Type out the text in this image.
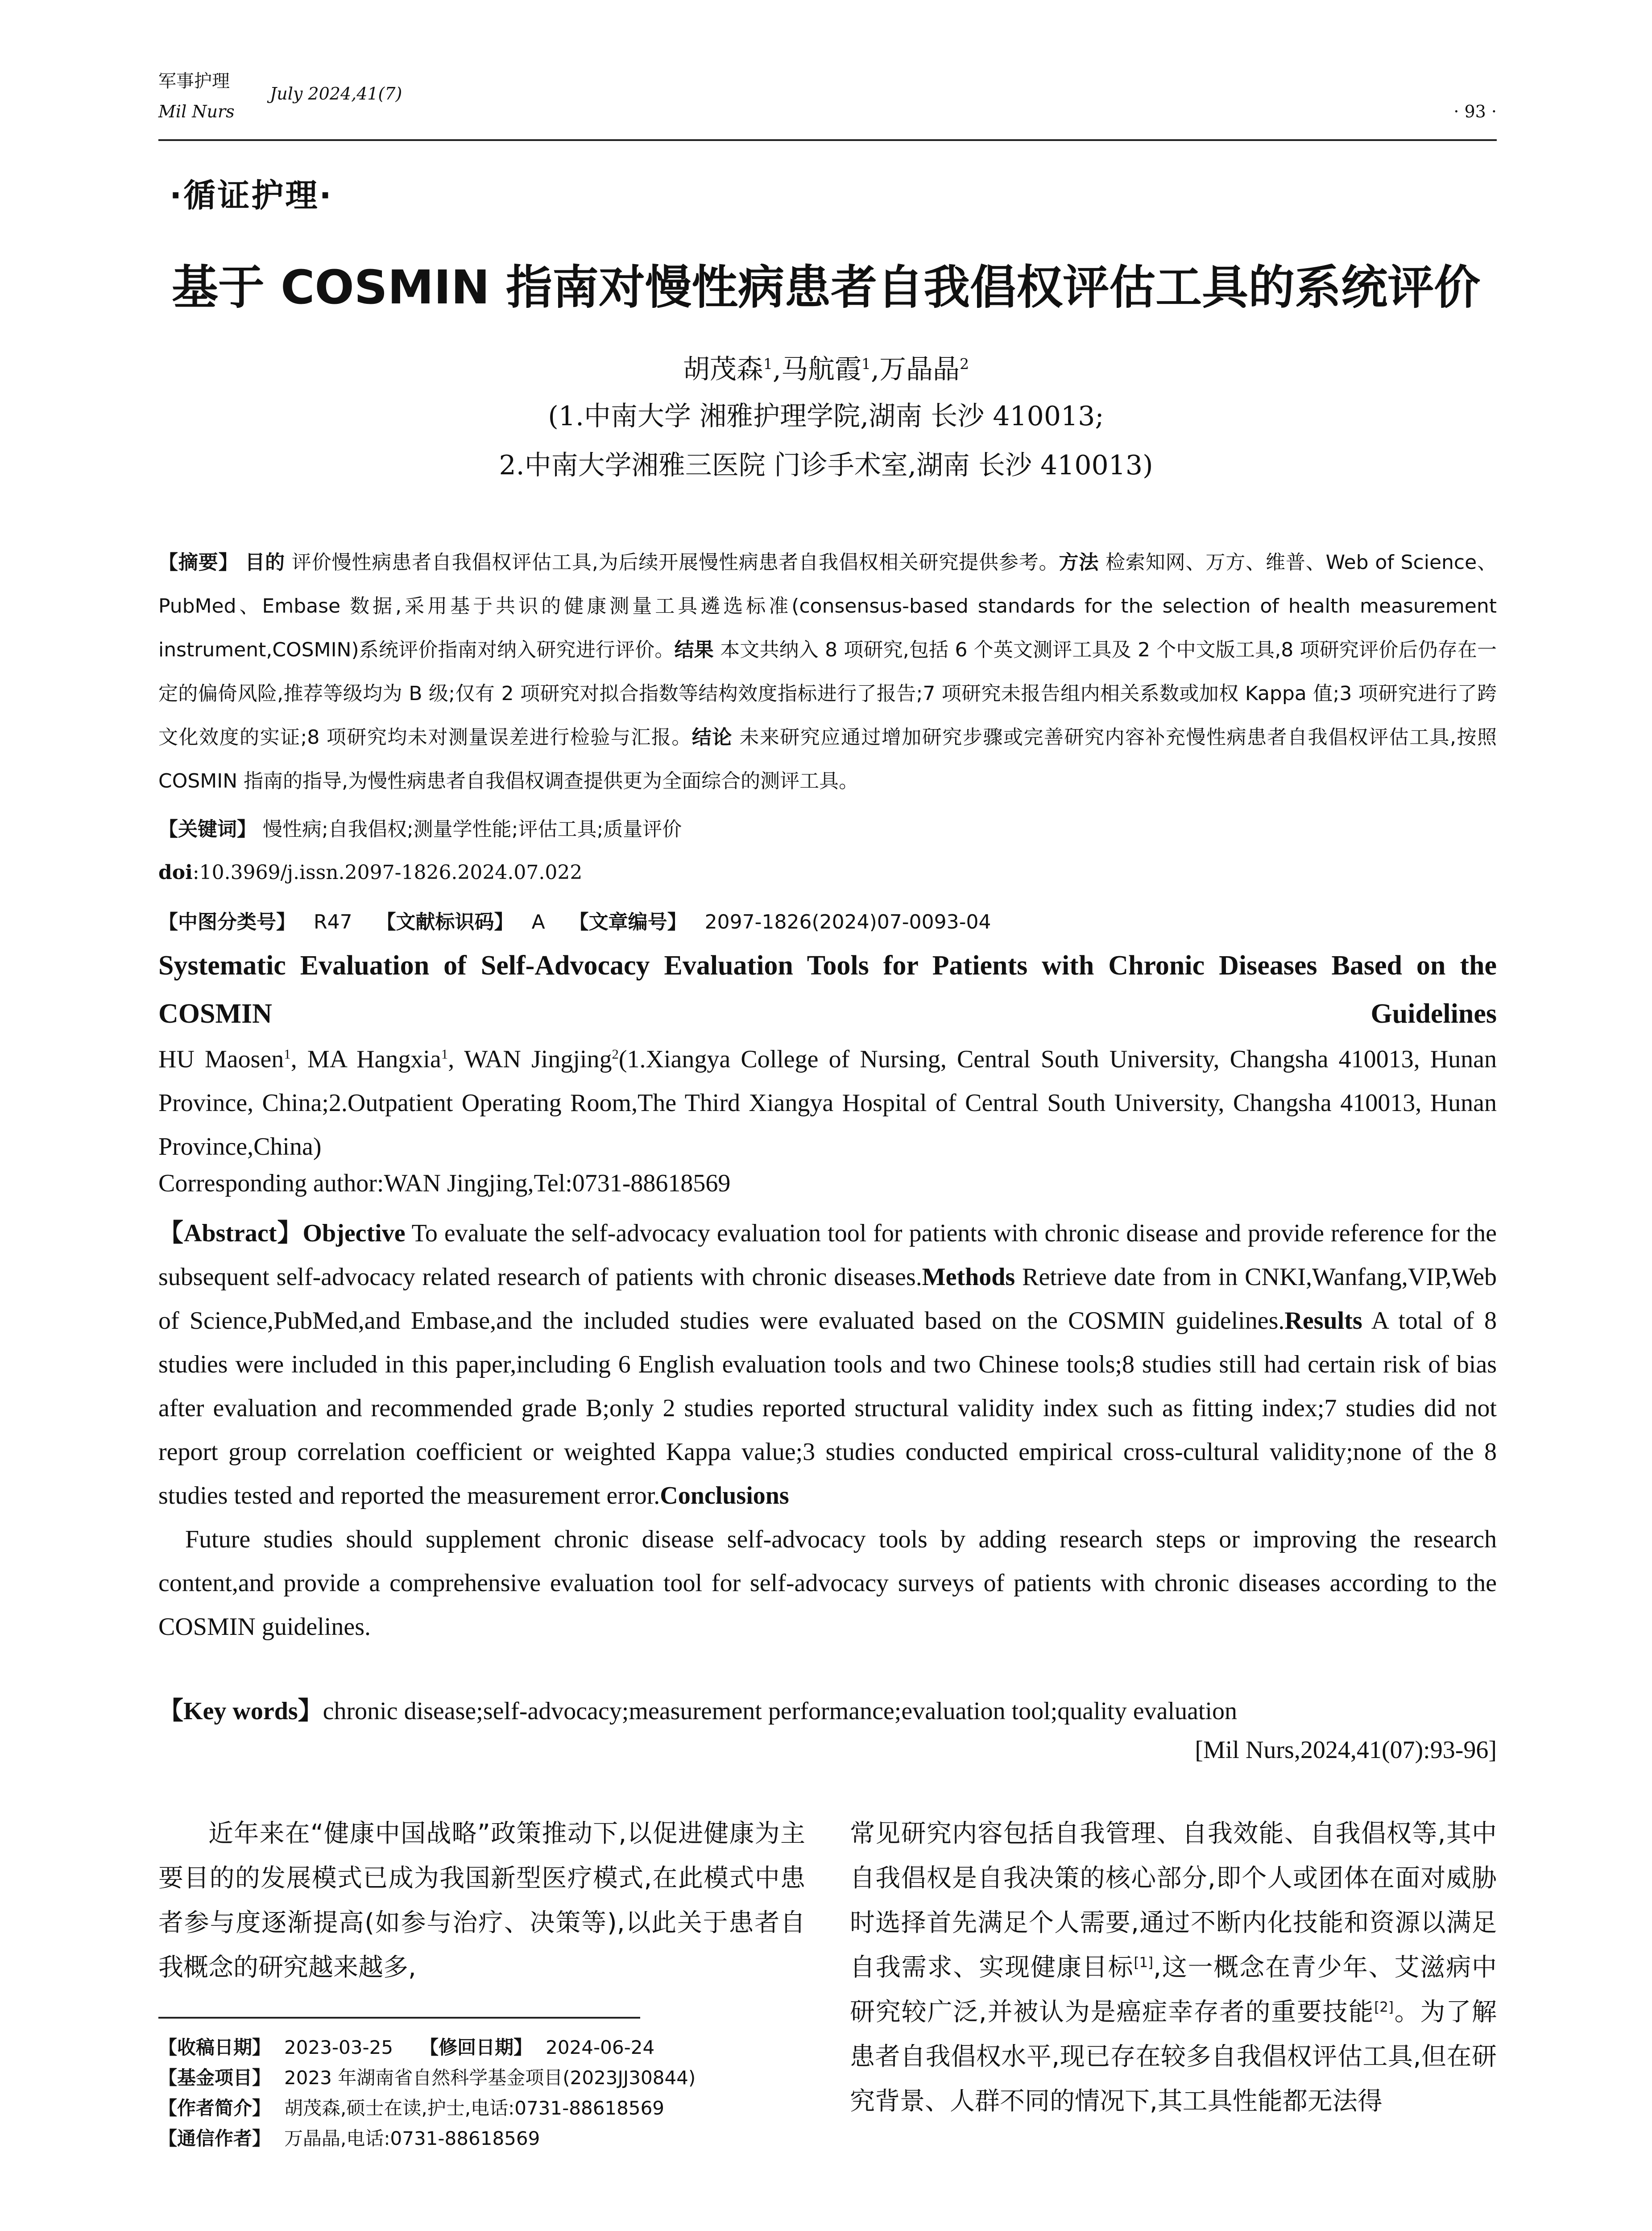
军事护理
July 2024,41(7)
Mil Nurs	· 93 ·
·循证护理·
基于 COSMIN 指南对慢性病患者自我倡权评估工具的系统评价
胡茂森$^1$,马航霞$^1$,万晶晶$^2$
(1.中南大学 湘雅护理学院,湖南 长沙 410013;
2.中南大学湘雅三医院 门诊手术室,湖南 长沙 410013)
【摘要】 目的 评价慢性病患者自我倡权评估工具,为后续开展慢性病患者自我倡权相关研究提供参考。方法 检索知网、万方、维普、Web of Science、PubMed、Embase 数据,采用基于共识的健康测量工具遴选标准(consensus-based standards for the selection of health measurement instrument,COSMIN)系统评价指南对纳入研究进行评价。结果 本文共纳入 8 项研究,包括 6 个英文测评工具及 2 个中文版工具,8 项研究评价后仍存在一定的偏倚风险,推荐等级均为 B 级;仅有 2 项研究对拟合指数等结构效度指标进行了报告;7 项研究未报告组内相关系数或加权 Kappa 值;3 项研究进行了跨文化效度的实证;8 项研究均未对测量误差进行检验与汇报。结论 未来研究应通过增加研究步骤或完善研究内容补充慢性病患者自我倡权评估工具,按照 COSMIN 指南的指导,为慢性病患者自我倡权调查提供更为全面综合的测评工具。
【关键词】 慢性病;自我倡权;测量学性能;评估工具;质量评价
doi:10.3969/j.issn.2097-1826.2024.07.022
【中图分类号】 R47 【文献标识码】 A 【文章编号】 2097-1826(2024)07-0093-04
Systematic Evaluation of Self-Advocacy Evaluation Tools for Patients with Chronic Diseases Based on the COSMIN Guidelines
HU Maosen$^1$, MA Hangxia$^1$, WAN Jingjing$^2$(1.Xiangya College of Nursing, Central South University, Changsha 410013, Hunan Province, China;2.Outpatient Operating Room,The Third Xiangya Hospital of Central South University, Changsha 410013, Hunan Province,China)
Corresponding author:WAN Jingjing,Tel:0731-88618569

【Abstract】Objective To evaluate the self-advocacy evaluation tool for patients with chronic disease and provide reference for the subsequent self-advocacy related research of patients with chronic diseases.Methods Retrieve date from in CNKI,Wanfang,VIP,Web of Science,PubMed,and Embase,and the included studies were evaluated based on the COSMIN guidelines.Results A total of 8 studies were included in this paper,including 6 English evaluation tools and two Chinese tools;8 studies still had certain risk of bias after evaluation and recommended grade B;only 2 studies reported structural validity index such as fitting index;7 studies did not report group correlation coefficient or weighted Kappa value;3 studies conducted empirical cross-cultural validity;none of the 8 studies tested and reported the measurement error.Conclusions

Future studies should supplement chronic disease self-advocacy tools by adding research steps or improving the research content,and provide a comprehensive evaluation tool for self-advocacy surveys of patients with chronic diseases according to the COSMIN guidelines.

【Key words】chronic disease;self-advocacy;measurement performance;evaluation tool;quality evaluation
[Mil Nurs,2024,41(07):93-96]

近年来在“健康中国战略”政策推动下,以促进健康为主要目的的发展模式已成为我国新型医疗模式,在此模式中患者参与度逐渐提高(如参与治疗、决策等),以此关于患者自我概念的研究越来越多,

常见研究内容包括自我管理、自我效能、自我倡权等,其中自我倡权是自我决策的核心部分,即个人或团体在面对威胁时选择首先满足个人需要,通过不断内化技能和资源以满足自我需求、实现健康目标[1],这一概念在青少年、艾滋病中研究较广泛,并被认为是癌症幸存者的重要技能[2]。为了解患者自我倡权水平,现已存在较多自我倡权评估工具,但在研究背景、人群不同的情况下,其工具性能都无法得

【收稿日期】 2023-03-25 【修回日期】 2024-06-24
【基金项目】 2023 年湖南省自然科学基金项目(2023JJ30844)
【作者简介】 胡茂森,硕士在读,护士,电话:0731-88618569
【通信作者】 万晶晶,电话:0731-88618569
